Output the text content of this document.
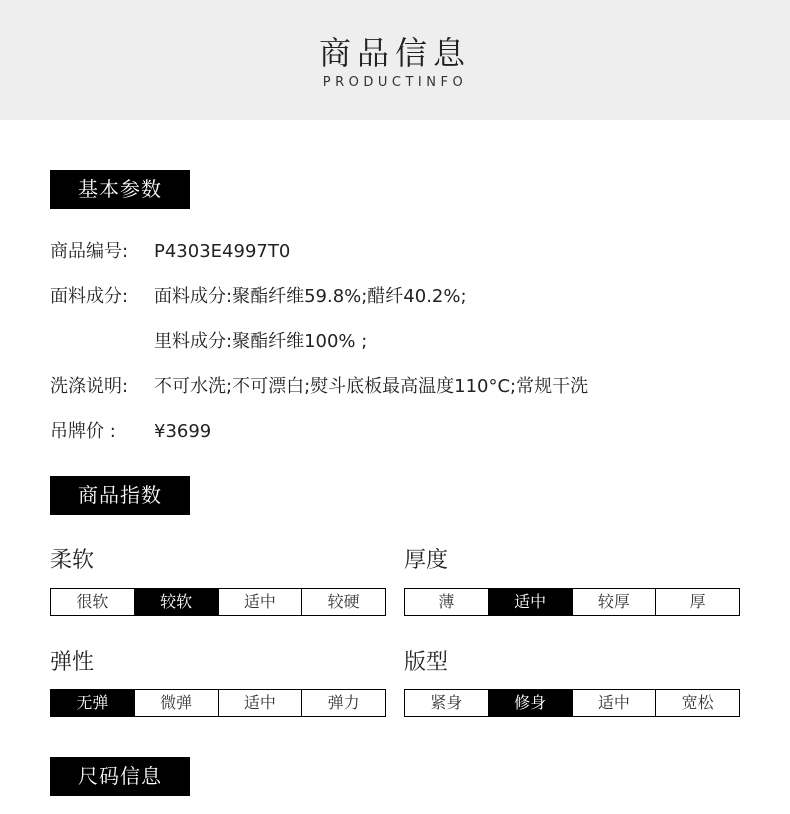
商品信息
PRODUCTINFO
基本参数
商品编号: P4303E4997T0
面料成分: 面料成分:聚酯纤维59.8%;醋纤40.2%;
里料成分:聚酯纤维100% ;
洗涤说明: 不可水洗;不可漂白;熨斗底板最高温度110°C;常规干洗
吊牌价 : ¥3699
商品指数
柔软
很软	较软	适中	较硬
厚度
薄	适中	较厚	厚
弹性
无弹	微弹	适中	弹力
版型
紧身	修身	适中	宽松
尺码信息
